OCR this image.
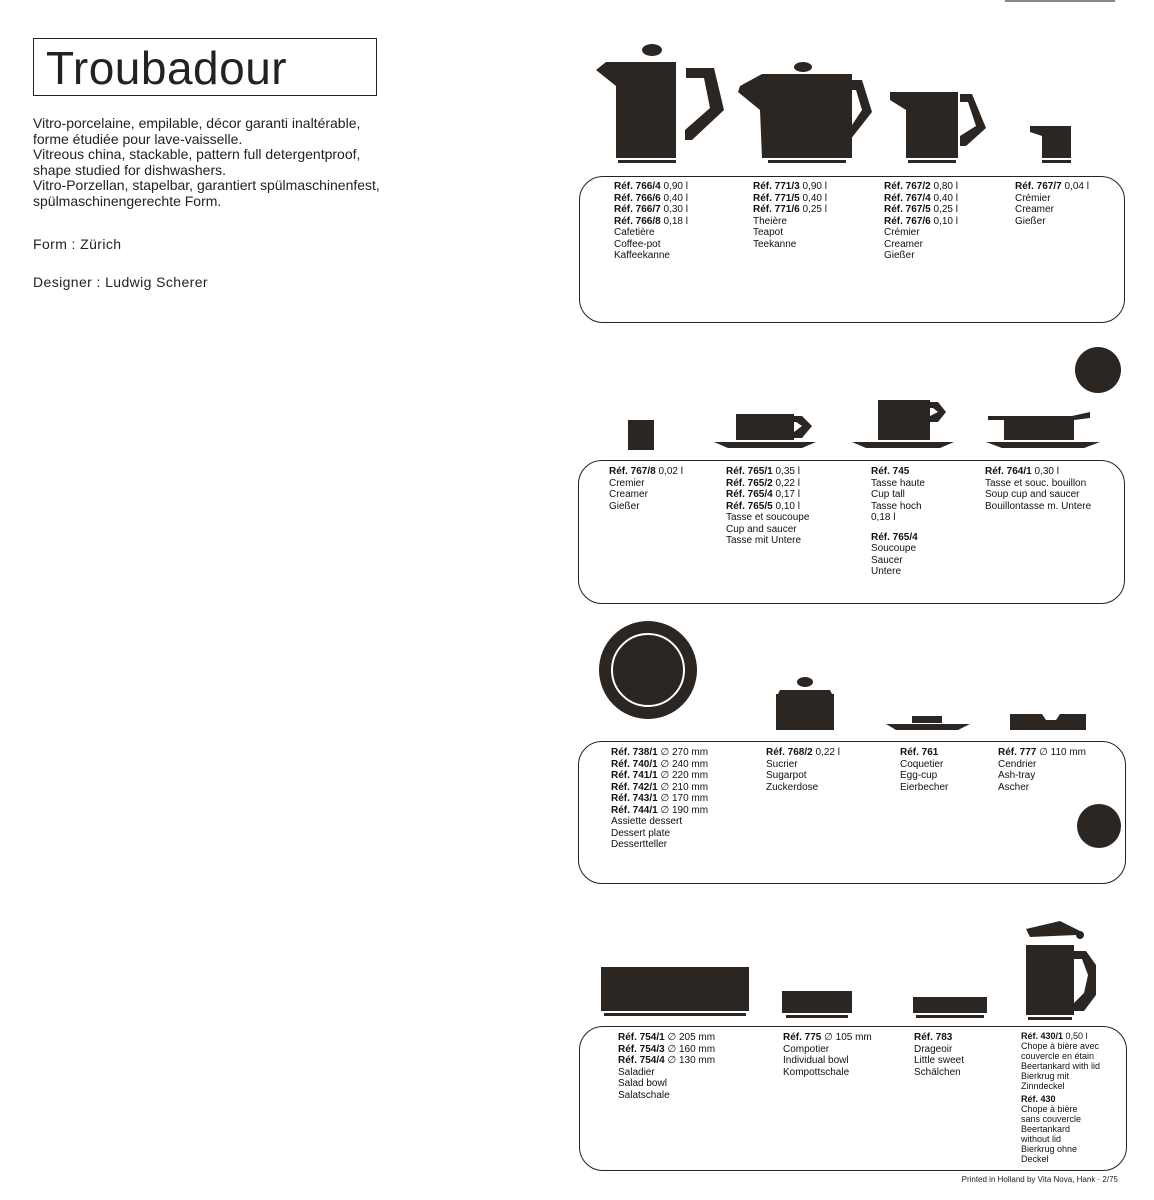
Troubadour

Vitro-porcelaine, empilable, décor garanti inaltérable,

forme étudiée pour lave-vaisselle.

Vitreous china, stackable, pattern full detergentproof,

shape studied for dishwashers.

Vitro-Porzellan, stapelbar, garantiert spülmaschinenfest,

spülmaschinengerechte Form.

Form : Zürich
Designer : Ludwig Scherer
Réf. 766/4 0,90 l
Réf. 766/6 0,40 l
Réf. 766/7 0,30 l
Réf. 766/8 0,18 l
Cafetière
Coffee-pot
Kaffeekanne
Réf. 771/3 0,90 l
Réf. 771/5 0,40 l
Réf. 771/6 0,25 l
Theière
Teapot
Teekanne
Réf. 767/2 0,80 l
Réf. 767/4 0,40 l
Réf. 767/5 0,25 l
Réf. 767/6 0,10 l
Crémier
Creamer
Gießer
Réf. 767/7 0,04 l
Crémier
Creamer
Gießer
Réf. 767/8 0,02 l
Cremier
Creamer
Gießer
Réf. 765/1 0,35 l
Réf. 765/2 0,22 l
Réf. 765/4 0,17 l
Réf. 765/5 0,10 l
Tasse et soucoupe
Cup and saucer
Tasse mit Untere
Réf. 745
Tasse haute
Cup tall
Tasse hoch
0,18 l
Réf. 765/4
Soucoupe
Saucer
Untere
Réf. 764/1 0,30 l
Tasse et souc. bouillon
Soup cup and saucer
Bouillontasse m. Untere
Réf. 738/1 ∅ 270 mm
Réf. 740/1 ∅ 240 mm
Réf. 741/1 ∅ 220 mm
Réf. 742/1 ∅ 210 mm
Réf. 743/1 ∅ 170 mm
Réf. 744/1 ∅ 190 mm
Assiette dessert
Dessert plate
Dessertteller
Réf. 768/2 0,22 l
Sucrier
Sugarpot
Zuckerdose
Réf. 761
Coquetier
Egg-cup
Eierbecher
Réf. 777 ∅ 110 mm
Cendrier
Ash-tray
Ascher
Réf. 754/1 ∅ 205 mm
Réf. 754/3 ∅ 160 mm
Réf. 754/4 ∅ 130 mm
Saladier
Salad bowl
Salatschale
Réf. 775 ∅ 105 mm
Compotier
Individual bowl
Kompottschale
Réf. 783
Drageoir
Little sweet
Schälchen
Réf. 430/1 0,50 l
Chope à bière avec
couvercle en étain
Beertankard with lid
Bierkrug mit
Zinndeckel
Réf. 430
Chope à bière
sans couvercle
Beertankard
without lid
Bierkrug ohne
Deckel
Printed in Holland by Vita Nova, Hank · 2/75
